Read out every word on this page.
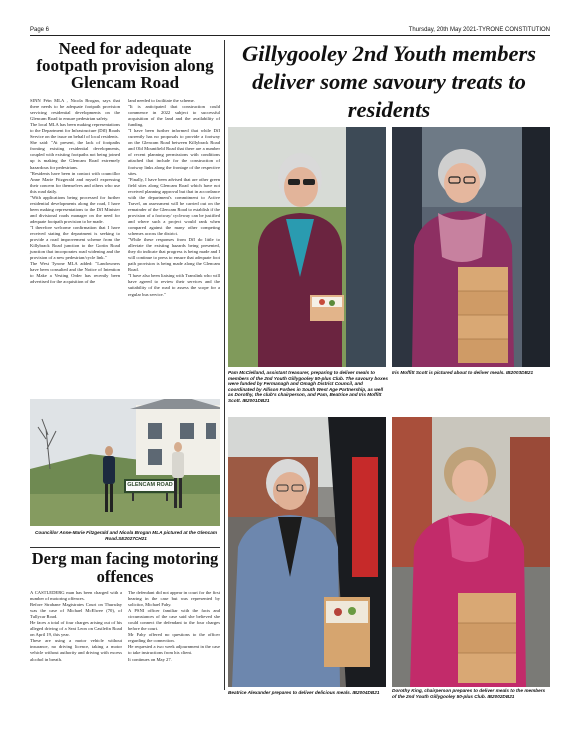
Page 6	Thursday, 20th May 2021-TYRONE CONSTITUTION
Need for adequate footpath provision along Glencam Road

SINN Féin MLA , Nicola Brogan, says that there needs to be adequate footpath provision servicing residential developments on the Glencam Road to ensure pedestrian safety.

The local MLA has been making representations to the Department for Infrastructure (DfI) Roads Service on the issue on behalf of local residents.

She said: "At present, the lack of footpaths fronting existing residential developments, coupled with existing footpaths not being joined up is making the Glencam Road extremely hazardous for pedestrians.

"Residents have been in contact with councillor Anne Marie Fitzgerald and myself expressing their concern for themselves and others who use this road daily.

"With applications being processed for further residential developments along the road, I have been making representations to the DfI Minister and divisional roads manager on the need for adequate footpath provision to be made.

"I therefore welcome confirmation that I have received stating the department is seeking to provide a road improvement scheme from the Killybrack Road junction to the Gortin Road junction that incorporates road widening and the provision of a new pedestrian/cycle link."

The West Tyrone MLA added: "Landowners have been consulted and the Notice of Intention to Make a Vesting Order has recently been advertised for the acquisition of the

land needed to facilitate the scheme.

"It is anticipated that construction could commence in 2022 subject to successful acquisition of the land and the availability of funding.

"I have been further informed that while DfI currently has no proposals to provide a footway on the Glencam Road between Killybrack Road and Old Mountfield Road that there are a number of recent planning permissions with conditions attached that include for the construction of footway links along the frontage of the respective sites.

"Finally, I have been advised that are other green field sites along Glencam Road which have not received planning approval but that in accordance with the department's commitment to Active Travel, an assessment will be carried out on the remainder of the Glencam Road to establish if the provision of a footway/ cycleway can be justified and where such a project would rank when compared against the many other competing schemes across the district.

"While these responses from DfI do little to alleviate the existing hazards being presented, they do indicate that progress is being made and I will continue to press to ensure that adequate foot path provision is being made along the Glencam Road.

"I have also been liaising with Translink who will have agreed to review their services and the suitability of the road to assess the scope for a regular bus service."

GLENCAM ROAD
Councillor Anne-Marie Fitzgerald and Nicola Brogan MLA pictured at the Glencam Road.SE2027CH21
Derg man facing motoring offences

A CASTLEDERG man has been charged with a number of motoring offences.

Before Strabane Magistrates Court on Thursday was the case of Michael McElwee (70), of Tullycar Road.

He faces a total of four charges arising out of his alleged driving of a Seat Leon on Castlefin Road on April 19, this year.

These are using a motor vehicle without insurance, no driving licence, taking a motor vehicle without authority and driving with excess alcohol in breath.

The defendant did not appear in court for the first hearing in the case but was represented by solicitor, Michael Fahy.

A PSNI officer familiar with the facts and circumstances of the case said she believed she could connect the defendant to the four charges before the court.

Mr Fahy offered no questions to the officer regarding the connection.

He requested a two week adjournment in the case to take instructions from his client.

It continues on May 27.

Gillygooley 2nd Youth members deliver some savoury treats to residents
Pam McClelland, assistant treasurer, preparing to deliver meals to members of the 2nd Youth Gillygooley 50-plus Club. The savoury boxes were funded by Fermanagh and Omagh District Council, and coordinated by Allison Forbes in South West Age Partnership, as well as Dorothy, the club's chairperson, and Pam, Beatrice and Iris Moffitt Scott. IB2001DB21
Iris Moffitt Scott is pictured about to deliver meals. IB2003DB21
Beatrice Alexander prepares to deliver delicious meals. IB2004DB21	Dorothy King, chairperson prepares to deliver meals to the members of the 2nd Youth Gillygooley 50-plus Club. IB2002DB21
